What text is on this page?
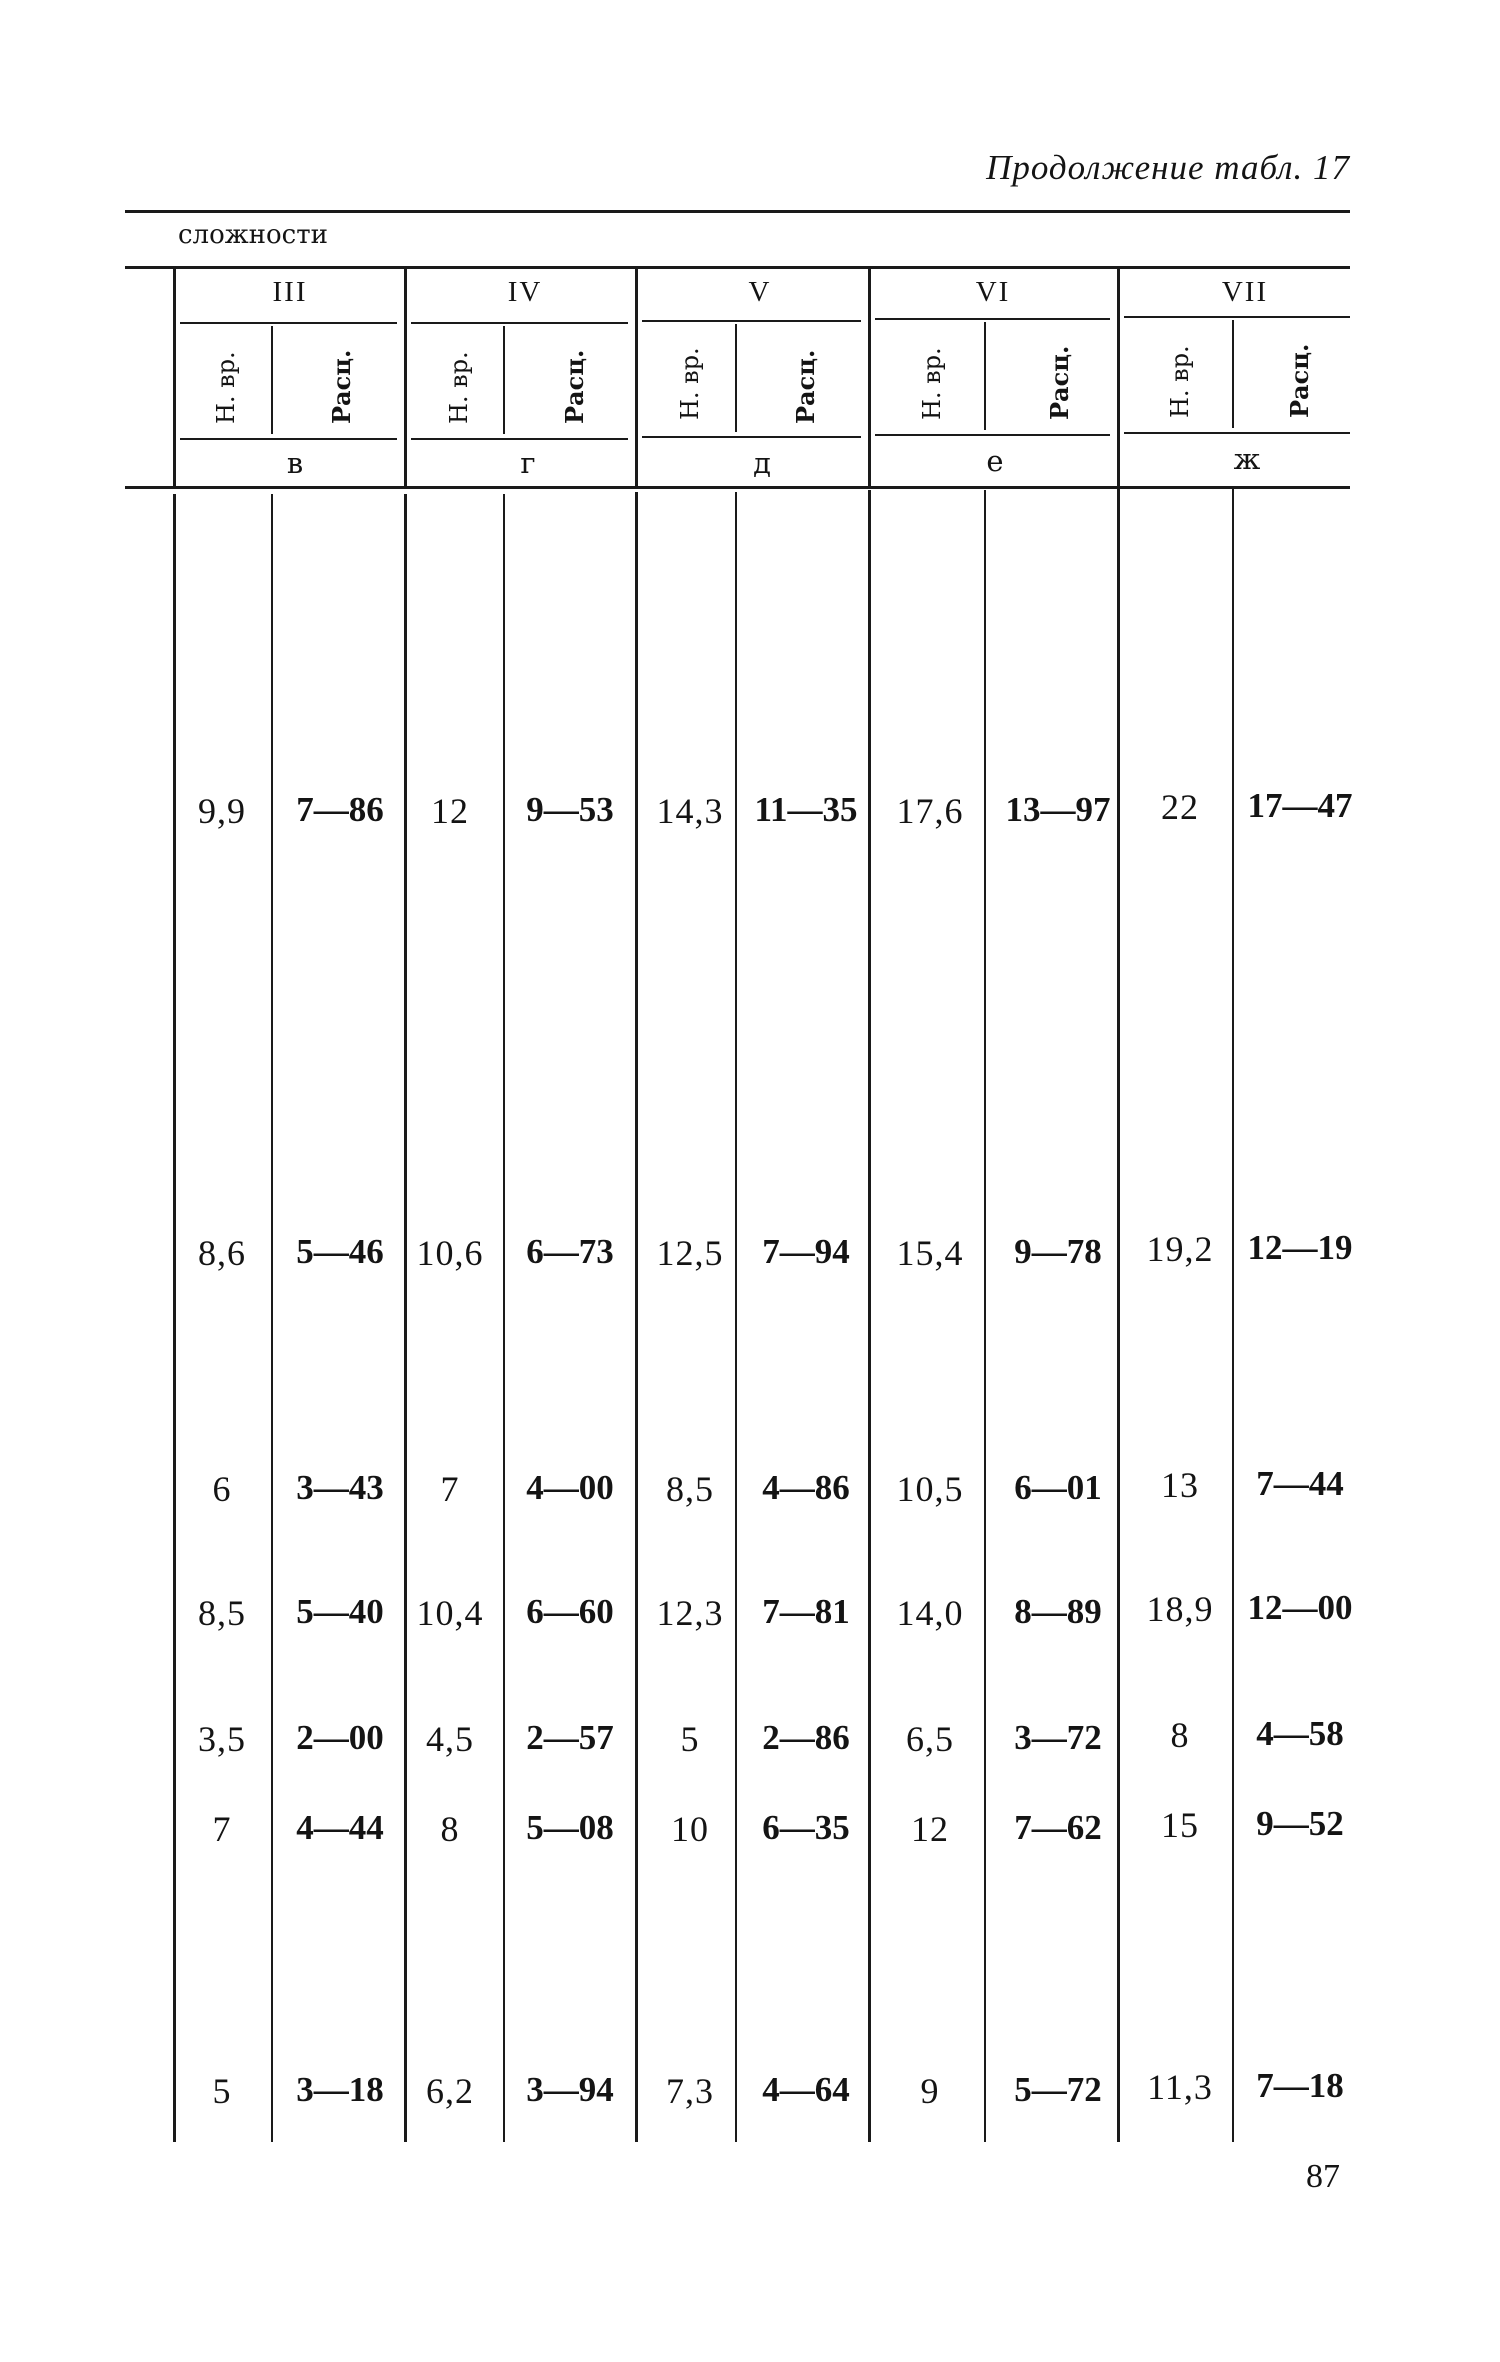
Продолжение табл. 17
сложности
III	IV	V	VI	VII
Н. вр.	Расц.	Н. вр.	Расц.	Н. вр.	Расц.	Н. вр.	Расц.	Н. вр.	Расц.
в	г	д	е	ж
9,9	7—86	12	9—53	14,3 11—35	17,6	13—97	22	17—47
8,6	5—46 10,6	6—73	12,5	7—94	15,4	9—78	19,2 12—19
6	3—43	7	4—00	8,5	4—86	10,5	6—01	13	7—44
8,5	5—40 10,4	6—60	12,3	7—81	14,0	8—89	18,9 12—00
3,5	2—00	4,5	2—57	5	2—86	6,5	3—72	8	4—58
7	4—44	8	5—08	10	6—35	12	7—62	15	9—52
5	3—18	6,2	3—94	7,3	4—64	9	5—72	11,3	7—18
87
